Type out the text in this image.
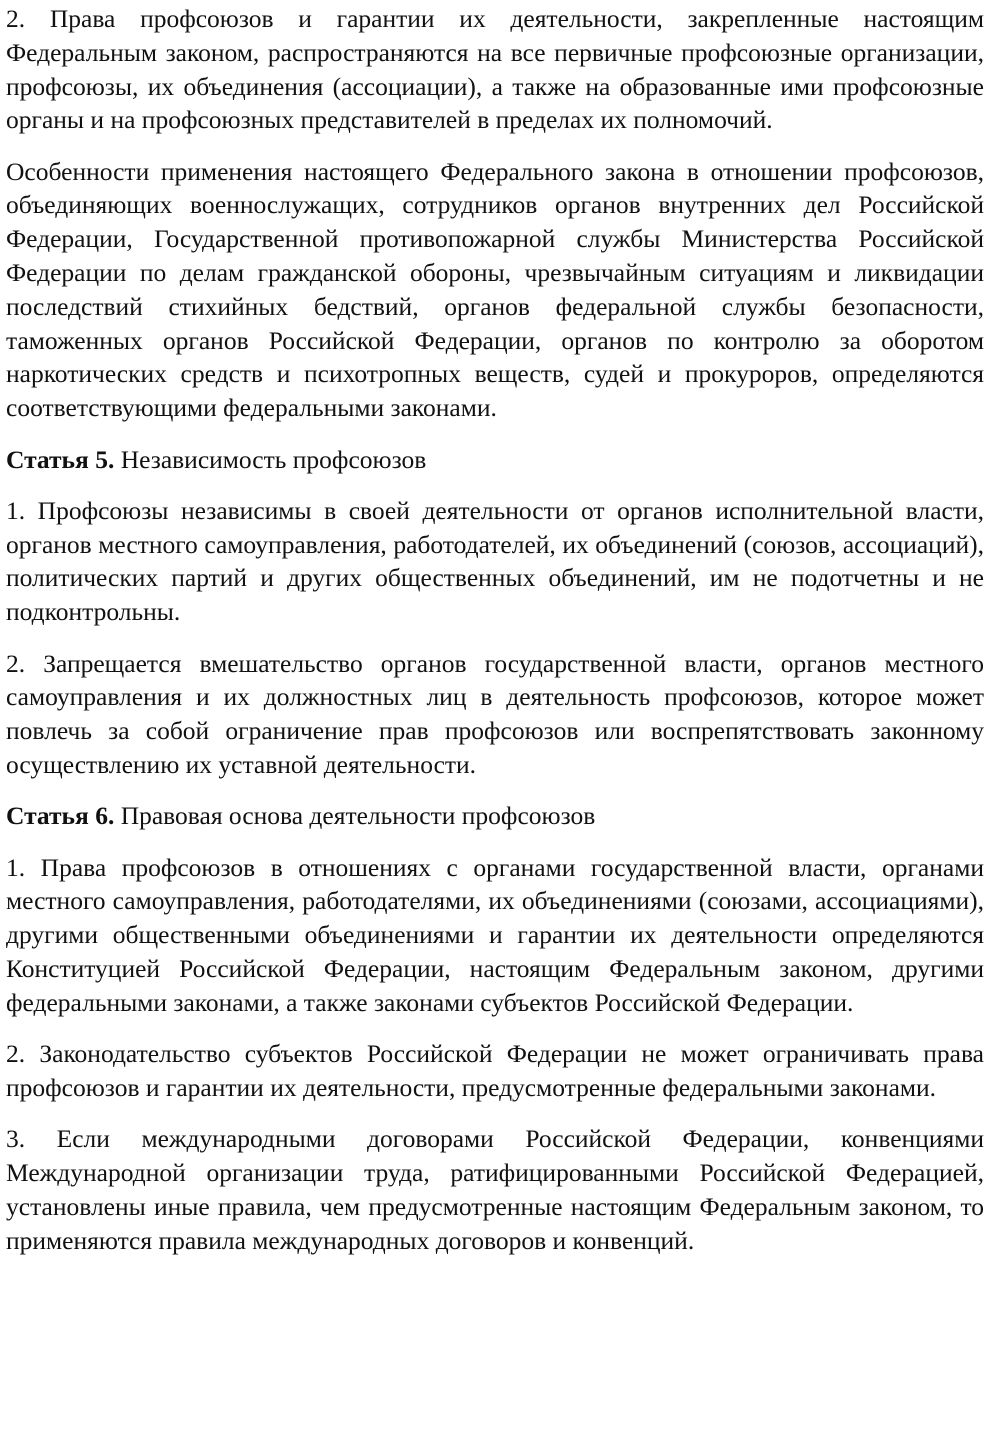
2. Права профсоюзов и гарантии их деятельности, закрепленные настоящим Федеральным законом, распространяются на все первичные профсоюзные организации, профсоюзы, их объединения (ассоциации), а также на образованные ими профсоюзные органы и на профсоюзных представителей в пределах их полномочий.

Особенности применения настоящего Федерального закона в отношении профсоюзов, объединяющих военнослужащих, сотрудников органов внутренних дел Российской Федерации, Государственной противопожарной службы Министерства Российской Федерации по делам гражданской обороны, чрезвычайным ситуациям и ликвидации последствий стихийных бедствий, органов федеральной службы безопасности, таможенных органов Российской Федерации, органов по контролю за оборотом наркотических средств и психотропных веществ, судей и прокуроров, определяются соответствующими федеральными законами.

Статья 5. Независимость профсоюзов

1. Профсоюзы независимы в своей деятельности от органов исполнительной власти, органов местного самоуправления, работодателей, их объединений (союзов, ассоциаций), политических партий и других общественных объединений, им не подотчетны и не подконтрольны.

2. Запрещается вмешательство органов государственной власти, органов местного самоуправления и их должностных лиц в деятельность профсоюзов, которое может повлечь за собой ограничение прав профсоюзов или воспрепятствовать законному осуществлению их уставной деятельности.

Статья 6. Правовая основа деятельности профсоюзов

1. Права профсоюзов в отношениях с органами государственной власти, органами местного самоуправления, работодателями, их объединениями (союзами, ассоциациями), другими общественными объединениями и гарантии их деятельности определяются Конституцией Российской Федерации, настоящим Федеральным законом, другими федеральными законами, а также законами субъектов Российской Федерации.

2. Законодательство субъектов Российской Федерации не может ограничивать права профсоюзов и гарантии их деятельности, предусмотренные федеральными законами.

3. Если международными договорами Российской Федерации, конвенциями Международной организации труда, ратифицированными Российской Федерацией, установлены иные правила, чем предусмотренные настоящим Федеральным законом, то применяются правила международных договоров и конвенций.
